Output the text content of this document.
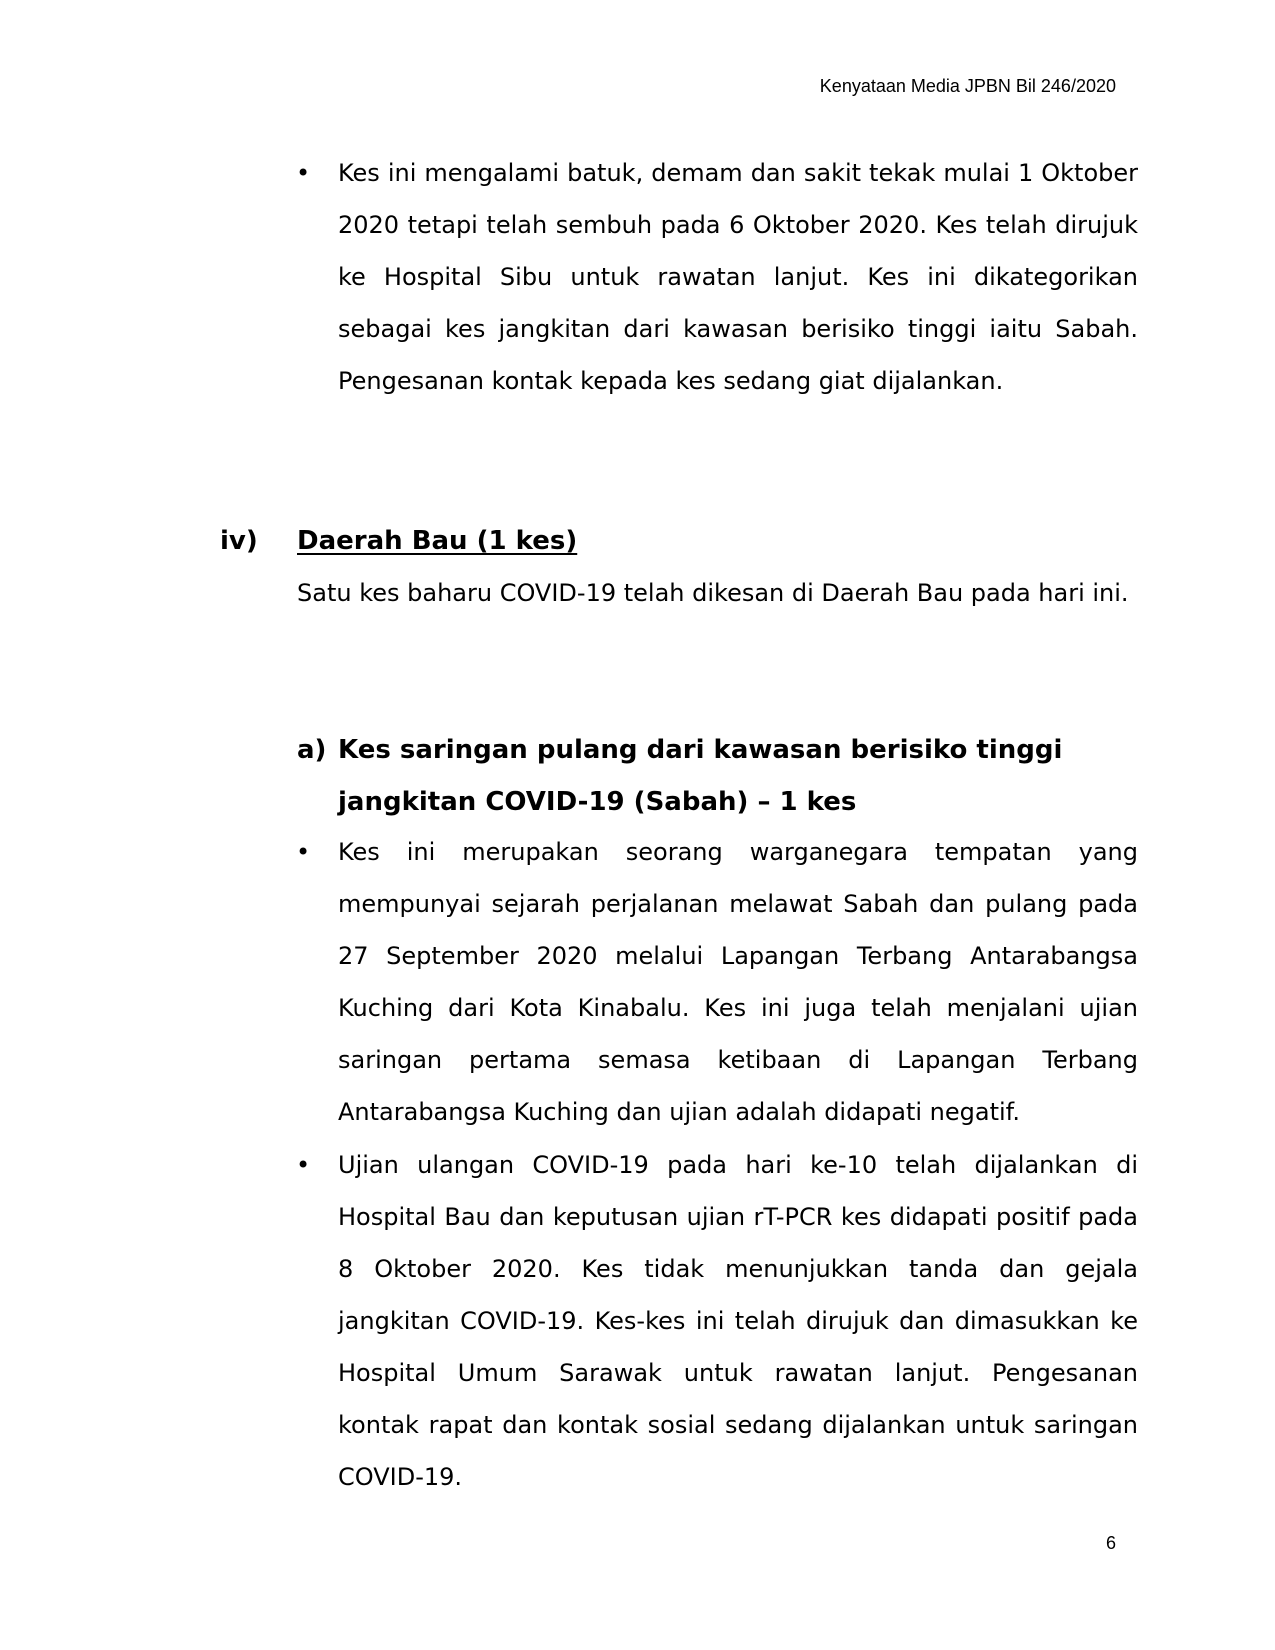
Kenyataan Media JPBN Bil 246/2020
• Kes ini mengalami batuk, demam dan sakit tekak mulai 1 Oktober 2020 tetapi telah sembuh pada 6 Oktober 2020. Kes telah dirujuk ke Hospital Sibu untuk rawatan lanjut. Kes ini dikategorikan sebagai kes jangkitan dari kawasan berisiko tinggi iaitu Sabah. Pengesanan kontak kepada kes sedang giat dijalankan.
iv) Daerah Bau (1 kes)
Satu kes baharu COVID-19 telah dikesan di Daerah Bau pada hari ini.
a) Kes saringan pulang dari kawasan berisiko tinggi jangkitan COVID-19 (Sabah) – 1 kes
• Kes ini merupakan seorang warganegara tempatan yang mempunyai sejarah perjalanan melawat Sabah dan pulang pada 27 September 2020 melalui Lapangan Terbang Antarabangsa Kuching dari Kota Kinabalu. Kes ini juga telah menjalani ujian saringan pertama semasa ketibaan di Lapangan Terbang Antarabangsa Kuching dan ujian adalah didapati negatif.
• Ujian ulangan COVID-19 pada hari ke-10 telah dijalankan di Hospital Bau dan keputusan ujian rT-PCR kes didapati positif pada 8 Oktober 2020. Kes tidak menunjukkan tanda dan gejala jangkitan COVID-19. Kes-kes ini telah dirujuk dan dimasukkan ke Hospital Umum Sarawak untuk rawatan lanjut. Pengesanan kontak rapat dan kontak sosial sedang dijalankan untuk saringan COVID-19.
6
